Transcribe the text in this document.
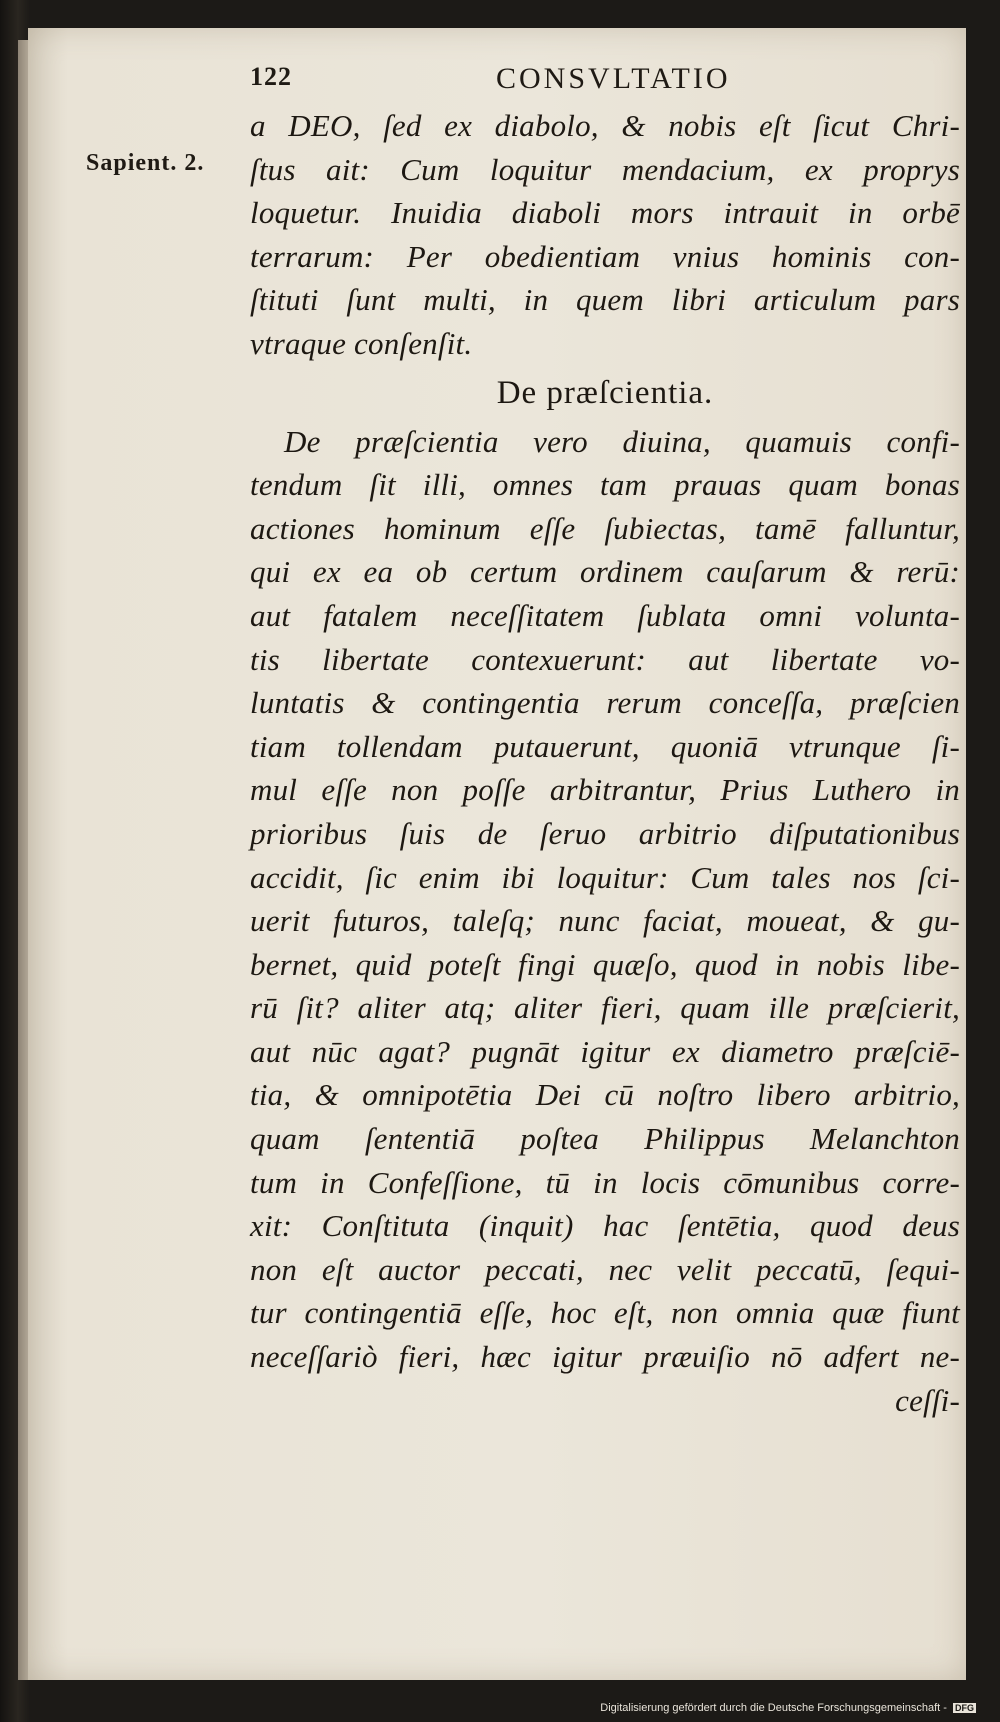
122	CONSVLTATIO
Sapient. 2.
a DEO, ſed ex diabolo, & nobis eſt ſicut Chri-
ſtus ait: Cum loquitur mendacium, ex proprys
loquetur. Inuidia diaboli mors intrauit in orbē
terrarum: Per obedientiam vnius hominis con-
ſtituti ſunt multi, in quem libri articulum pars
vtraque conſenſit.
De præſcientia.
De præſcientia vero diuina, quamuis confi-
tendum ſit illi, omnes tam prauas quam bonas
actiones hominum eſſe ſubiectas, tamē falluntur,
qui ex ea ob certum ordinem cauſarum & rerū:
aut fatalem neceſſitatem ſublata omni volunta-
tis libertate contexuerunt: aut libertate vo-
luntatis & contingentia rerum conceſſa, præſcien
tiam tollendam putauerunt, quoniā vtrunque ſi-
mul eſſe non poſſe arbitrantur, Prius Luthero in
prioribus ſuis de ſeruo arbitrio diſputationibus
accidit, ſic enim ibi loquitur: Cum tales nos ſci-
uerit futuros, taleſq; nunc faciat, moueat, & gu-
bernet, quid poteſt fingi quæſo, quod in nobis libe-
rū ſit? aliter atq; aliter fieri, quam ille præſcierit,
aut nūc agat? pugnāt igitur ex diametro præſciē-
tia, & omnipotētia Dei cū noſtro libero arbitrio,
quam ſententiā poſtea Philippus Melanchton
tum in Confeſſione, tū in locis cōmunibus corre-
xit: Conſtituta (inquit) hac ſentētia, quod deus
non eſt auctor peccati, nec velit peccatū, ſequi-
tur contingentiā eſſe, hoc eſt, non omnia quæ fiunt
neceſſariò fieri, hæc igitur præuiſio nō adfert ne-
ceſſi-
Digitalisierung gefördert durch die Deutsche Forschungsgemeinschaft - DFG
